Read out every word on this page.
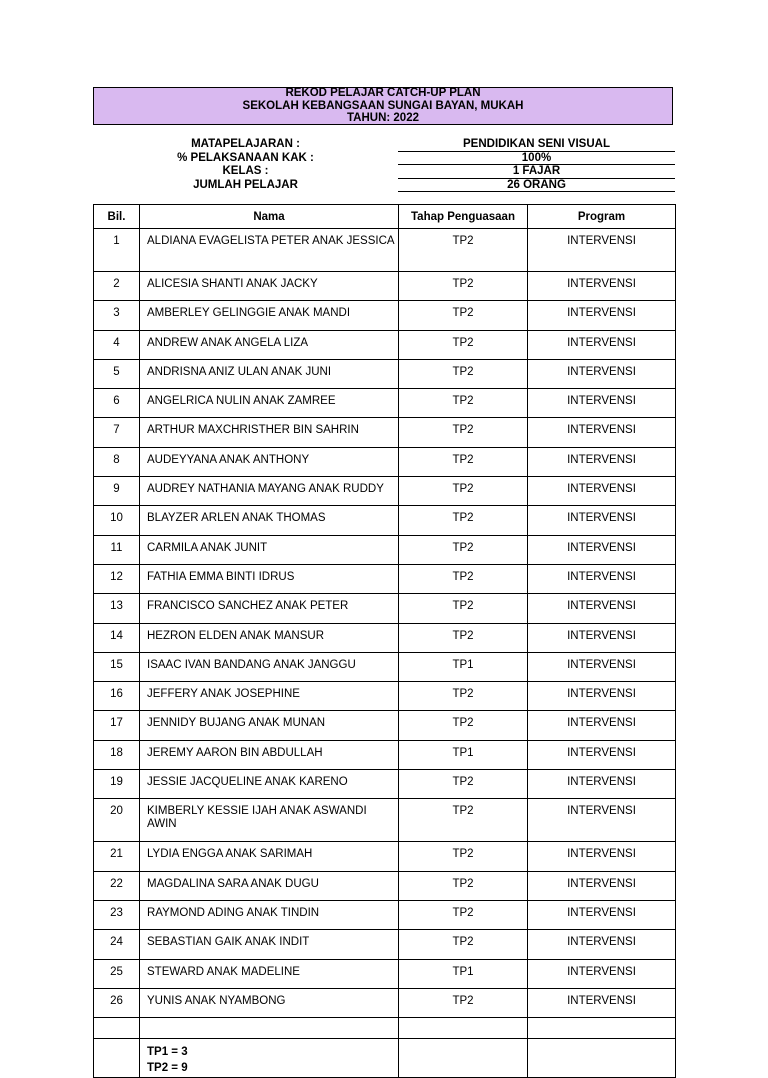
REKOD PELAJAR CATCH-UP PLAN
SEKOLAH KEBANGSAAN SUNGAI BAYAN, MUKAH
TAHUN: 2022
MATAPELAJARAN :	PENDIDIKAN SENI VISUAL
% PELAKSANAAN KAK :	100%
KELAS :	1 FAJAR
JUMLAH PELAJAR	26 ORANG
Bil.	Nama	Tahap Penguasaan	Program
1	ALDIANA EVAGELISTA PETER ANAK JESSICA	TP2	INTERVENSI
2	ALICESIA SHANTI ANAK JACKY	TP2	INTERVENSI
3	AMBERLEY GELINGGIE ANAK MANDI	TP2	INTERVENSI
4	ANDREW ANAK ANGELA LIZA	TP2	INTERVENSI
5	ANDRISNA ANIZ ULAN ANAK JUNI	TP2	INTERVENSI
6	ANGELRICA NULIN ANAK ZAMREE	TP2	INTERVENSI
7	ARTHUR MAXCHRISTHER BIN SAHRIN	TP2	INTERVENSI
8	AUDEYYANA ANAK ANTHONY	TP2	INTERVENSI
9	AUDREY NATHANIA MAYANG ANAK RUDDY	TP2	INTERVENSI
10	BLAYZER ARLEN ANAK THOMAS	TP2	INTERVENSI
11	CARMILA ANAK JUNIT	TP2	INTERVENSI
12	FATHIA EMMA BINTI IDRUS	TP2	INTERVENSI
13	FRANCISCO SANCHEZ ANAK PETER	TP2	INTERVENSI
14	HEZRON ELDEN ANAK MANSUR	TP2	INTERVENSI
15	ISAAC IVAN BANDANG ANAK JANGGU	TP1	INTERVENSI
16	JEFFERY ANAK JOSEPHINE	TP2	INTERVENSI
17	JENNIDY BUJANG ANAK MUNAN	TP2	INTERVENSI
18	JEREMY AARON BIN ABDULLAH	TP1	INTERVENSI
19	JESSIE JACQUELINE ANAK KARENO	TP2	INTERVENSI
20	KIMBERLY KESSIE IJAH ANAK ASWANDI AWIN	TP2	INTERVENSI
21	LYDIA ENGGA ANAK SARIMAH	TP2	INTERVENSI
22	MAGDALINA SARA ANAK DUGU	TP2	INTERVENSI
23	RAYMOND ADING ANAK TINDIN	TP2	INTERVENSI
24	SEBASTIAN GAIK ANAK INDIT	TP2	INTERVENSI
25	STEWARD ANAK MADELINE	TP1	INTERVENSI
26	YUNIS ANAK NYAMBONG	TP2	INTERVENSI

	TP1 = 3
TP2 = 9		
